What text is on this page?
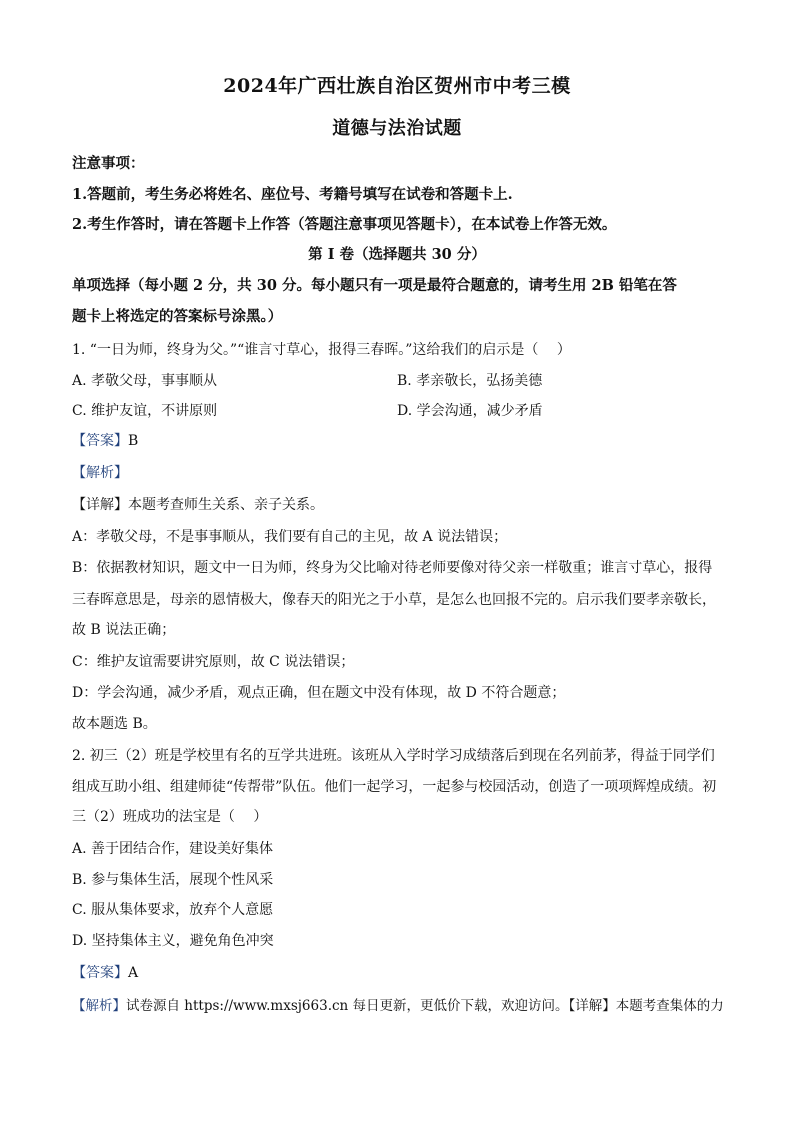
2024年广西壮族自治区贺州市中考三模
道德与法治试题
注意事项：
1.答题前，考生务必将姓名、座位号、考籍号填写在试卷和答题卡上.
2.考生作答时，请在答题卡上作答（答题注意事项见答题卡），在本试卷上作答无效。
第 I 卷（选择题共 30 分）
单项选择（每小题 2 分，共 30 分。每小题只有一项是最符合题意的，请考生用 2B 铅笔在答
题卡上将选定的答案标号涂黑。）
1. “一日为师，终身为父。”“谁言寸草心，报得三春晖。”这给我们的启示是（　 ）
A. 孝敬父母，事事顺从	B. 孝亲敬长，弘扬美德
C. 维护友谊，不讲原则	D. 学会沟通，减少矛盾
【答案】B
【解析】
【详解】本题考查师生关系、亲子关系。
A：孝敬父母，不是事事顺从，我们要有自己的主见，故 A 说法错误；
B：依据教材知识，题文中一日为师，终身为父比喻对待老师要像对待父亲一样敬重；谁言寸草心，报得
三春晖意思是，母亲的恩情极大，像春天的阳光之于小草，是怎么也回报不完的。启示我们要孝亲敬长，
故 B 说法正确；
C：维护友谊需要讲究原则，故 C 说法错误；
D：学会沟通，减少矛盾，观点正确，但在题文中没有体现，故 D 不符合题意；
故本题选 B。
2. 初三（2）班是学校里有名的互学共进班。该班从入学时学习成绩落后到现在名列前茅，得益于同学们
组成互助小组、组建师徒“传帮带”队伍。他们一起学习，一起参与校园活动，创造了一项项辉煌成绩。初
三（2）班成功的法宝是（　 ）
A. 善于团结合作，建设美好集体
B. 参与集体生活，展现个性风采
C. 服从集体要求，放弃个人意愿
D. 坚持集体主义，避免角色冲突
【答案】A
【解析】试卷源自 https://www.mxsj663.cn 每日更新，更低价下载，欢迎访问。【详解】本题考查集体的力
